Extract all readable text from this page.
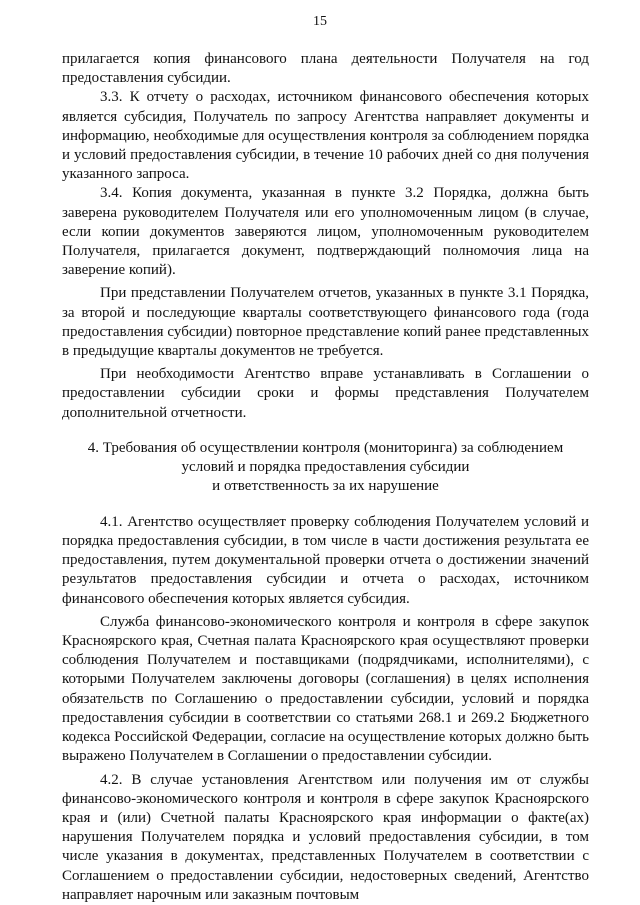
15

прилагается копия финансового плана деятельности Получателя на год предоставления субсидии.

3.3. К отчету о расходах, источником финансового обеспечения которых является субсидия, Получатель по запросу Агентства направляет документы и информацию, необходимые для осуществления контроля за соблюдением порядка и условий предоставления субсидии, в течение 10 рабочих дней со дня получения указанного запроса.

3.4. Копия документа, указанная в пункте 3.2 Порядка, должна быть заверена руководителем Получателя или его уполномоченным лицом (в случае, если копии документов заверяются лицом, уполномоченным руководителем Получателя, прилагается документ, подтверждающий полномочия лица на заверение копий).

При представлении Получателем отчетов, указанных в пункте 3.1 Порядка, за второй и последующие кварталы соответствующего финансового года (года предоставления субсидии) повторное представление копий ранее представленных в предыдущие кварталы документов не требуется.

При необходимости Агентство вправе устанавливать в Соглашении о предоставлении субсидии сроки и формы представления Получателем дополнительной отчетности.

4. Требования об осуществлении контроля (мониторинга) за соблюдением
условий и порядка предоставления субсидии
и ответственность за их нарушение

4.1. Агентство осуществляет проверку соблюдения Получателем условий и порядка предоставления субсидии, в том числе в части достижения результата ее предоставления, путем документальной проверки отчета о достижении значений результатов предоставления субсидии и отчета о расходах, источником финансового обеспечения которых является субсидия.

Служба финансово-экономического контроля и контроля в сфере закупок Красноярского края, Счетная палата Красноярского края осуществляют проверки соблюдения Получателем и поставщиками (подрядчиками, исполнителями), с которыми Получателем заключены договоры (соглашения) в целях исполнения обязательств по Соглашению о предоставлении субсидии, условий и порядка предоставления субсидии в соответствии со статьями 268.1 и 269.2 Бюджетного кодекса Российской Федерации, согласие на осуществление которых должно быть выражено Получателем в Соглашении о предоставлении субсидии.

4.2. В случае установления Агентством или получения им от службы финансово-экономического контроля и контроля в сфере закупок Красноярского края и (или) Счетной палаты Красноярского края информации о факте(ах) нарушения Получателем порядка и условий предоставления субсидии, в том числе указания в документах, представленных Получателем в соответствии с Соглашением о предоставлении субсидии, недостоверных сведений, Агентство направляет нарочным или заказным почтовым
